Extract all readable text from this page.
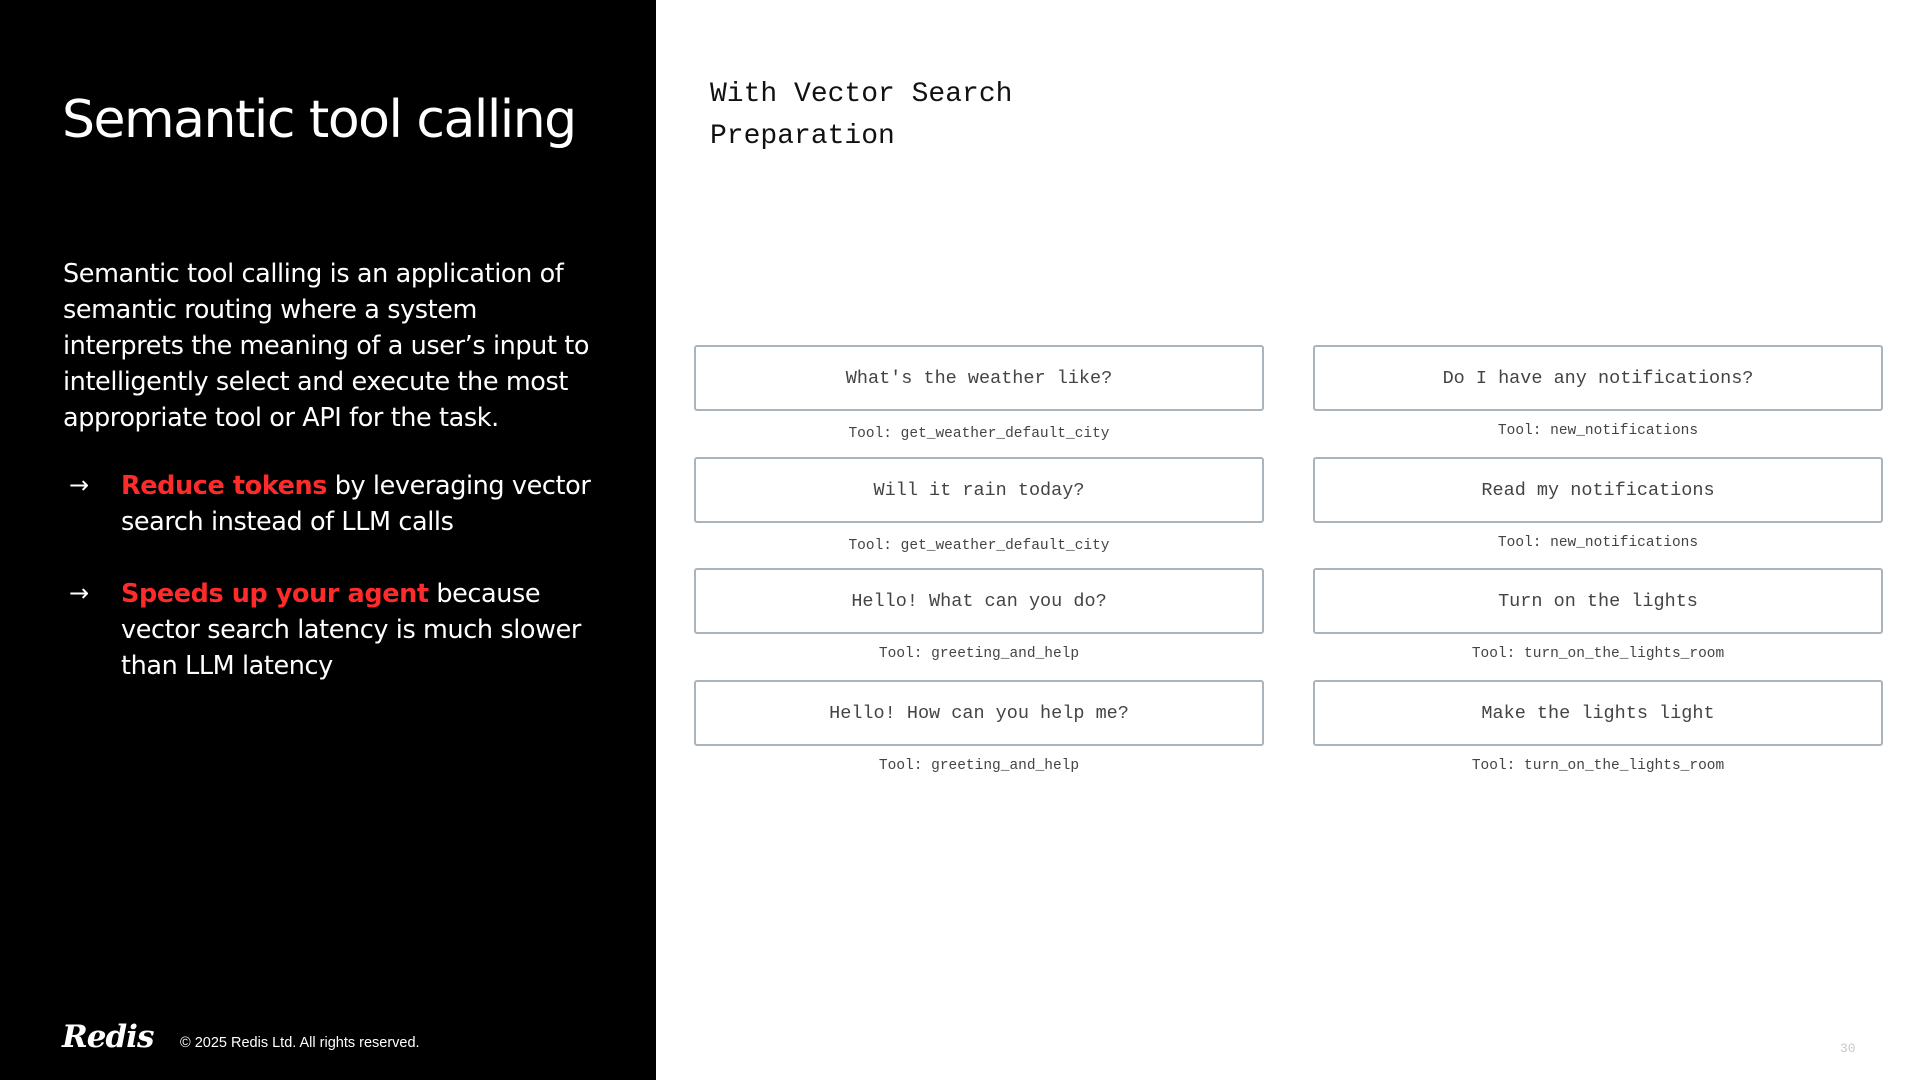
Semantic tool calling
Semantic tool calling is an application of semantic routing where a system interprets the meaning of a user’s input to intelligently select and execute the most appropriate tool or API for the task.
→ Reduce tokens by leveraging vector search instead of LLM calls
→ Speeds up your agent because vector search latency is much slower than LLM latency
Redis © 2025 Redis Ltd. All rights reserved.
With Vector Search
Preparation
What's the weather like?
Tool: get_weather_default_city
Will it rain today?
Tool: get_weather_default_city
Hello! What can you do?
Tool: greeting_and_help
Hello! How can you help me?
Tool: greeting_and_help
Do I have any notifications?
Tool: new_notifications
Read my notifications
Tool: new_notifications
Turn on the lights
Tool: turn_on_the_lights_room
Make the lights light
Tool: turn_on_the_lights_room
30
